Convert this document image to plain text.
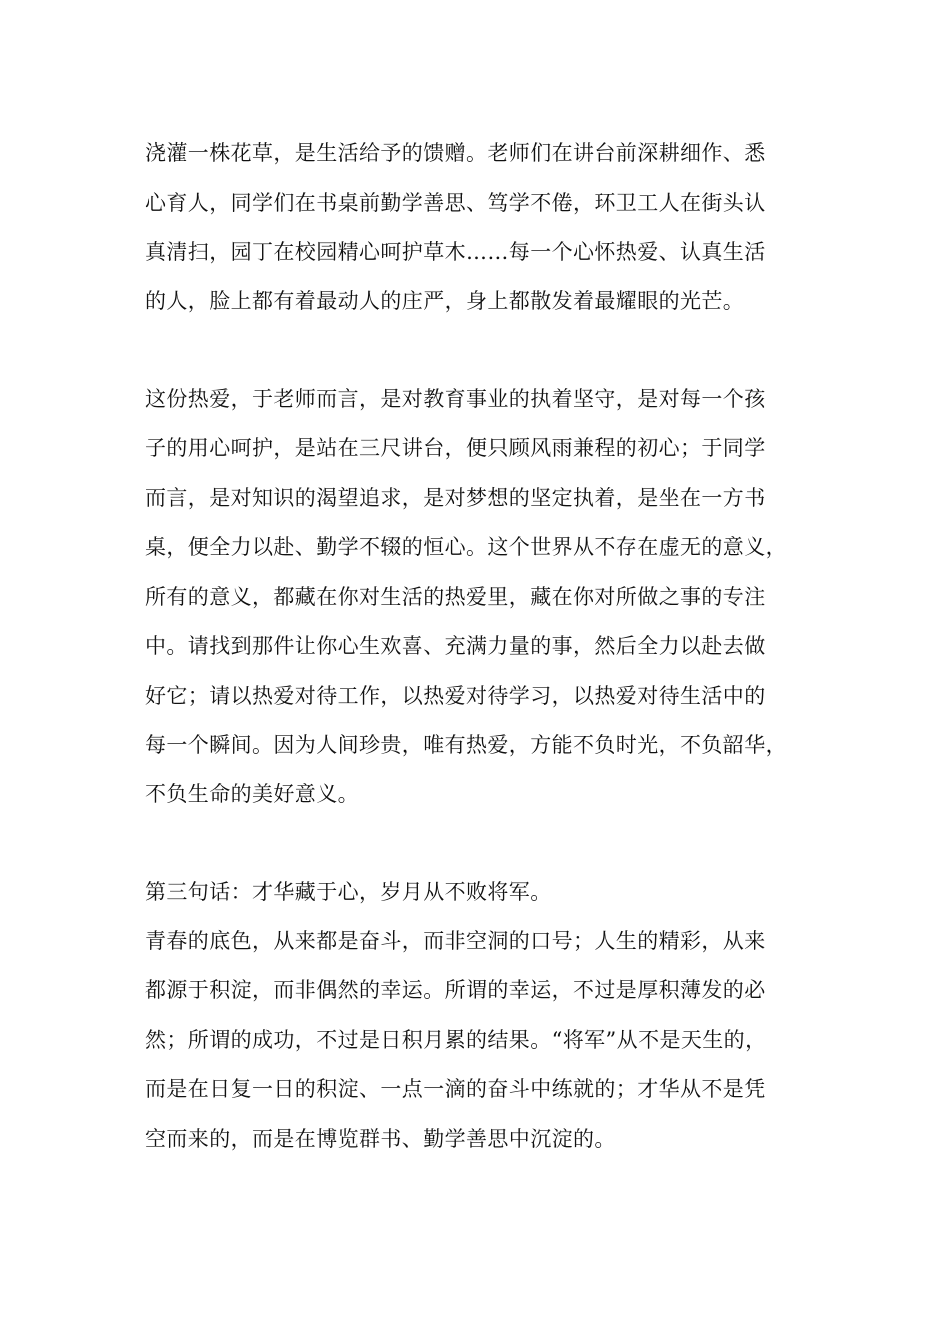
浇灌一株花草，是生活给予的馈赠。老师们在讲台前深耕细作、悉
心育人，同学们在书桌前勤学善思、笃学不倦，环卫工人在街头认
真清扫，园丁在校园精心呵护草木……每一个心怀热爱、认真生活
的人，脸上都有着最动人的庄严，身上都散发着最耀眼的光芒。
这份热爱，于老师而言，是对教育事业的执着坚守，是对每一个孩
子的用心呵护，是站在三尺讲台，便只顾风雨兼程的初心；于同学
而言，是对知识的渴望追求，是对梦想的坚定执着，是坐在一方书
桌，便全力以赴、勤学不辍的恒心。这个世界从不存在虚无的意义，
所有的意义，都藏在你对生活的热爱里，藏在你对所做之事的专注
中。请找到那件让你心生欢喜、充满力量的事，然后全力以赴去做
好它；请以热爱对待工作，以热爱对待学习，以热爱对待生活中的
每一个瞬间。因为人间珍贵，唯有热爱，方能不负时光，不负韶华，
不负生命的美好意义。
第三句话：才华藏于心，岁月从不败将军。
青春的底色，从来都是奋斗，而非空洞的口号；人生的精彩，从来
都源于积淀，而非偶然的幸运。所谓的幸运，不过是厚积薄发的必
然；所谓的成功，不过是日积月累的结果。“将军”从不是天生的，
而是在日复一日的积淀、一点一滴的奋斗中练就的；才华从不是凭
空而来的，而是在博览群书、勤学善思中沉淀的。
